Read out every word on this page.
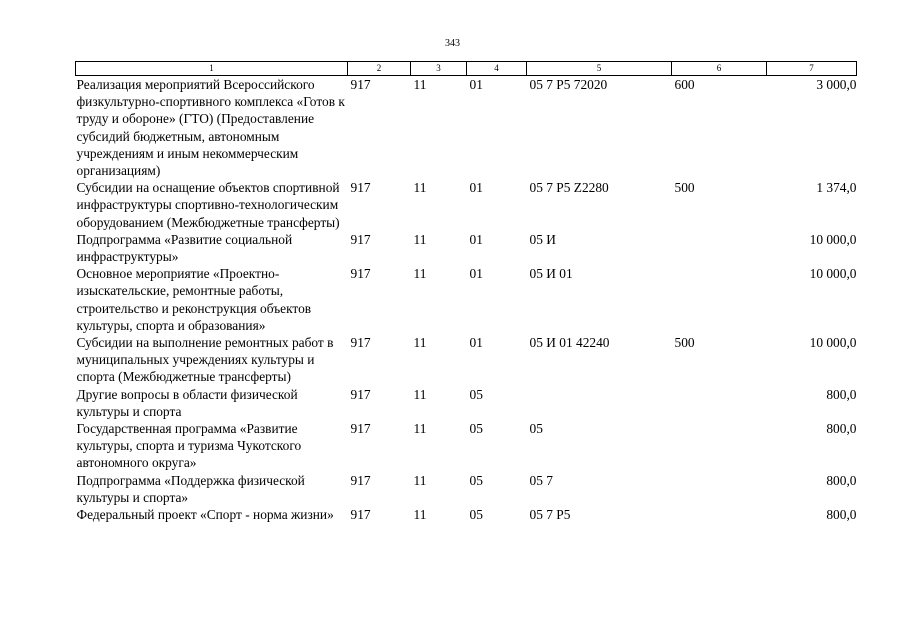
343
1	2	3	4	5	6	7
Реализация мероприятий Всероссийского физкультурно-спортивного комплекса «Готов к труду и обороне» (ГТО) (Предоставление субсидий бюджетным, автономным учреждениям и иным некоммерческим организациям)	917	11	01	05 7 Р5 72020	600	3 000,0
Субсидии на оснащение объектов спортивной инфраструктуры спортивно-технологическим оборудованием (Межбюджетные трансферты)	917	11	01	05 7 Р5 Z2280	500	1 374,0
Подпрограмма «Развитие социальной инфраструктуры»	917	11	01	05 И		10 000,0
Основное мероприятие «Проектно-изыскательские, ремонтные работы, строительство и реконструкция объектов культуры, спорта и образования»	917	11	01	05 И 01		10 000,0
Субсидии на выполнение ремонтных работ в муниципальных учреждениях культуры и спорта (Межбюджетные трансферты)	917	11	01	05 И 01 42240	500	10 000,0
Другие вопросы в области физической культуры и спорта	917	11	05			800,0
Государственная программа «Развитие культуры, спорта и туризма Чукотского автономного округа»	917	11	05	05		800,0
Подпрограмма «Поддержка физической культуры и спорта»	917	11	05	05 7		800,0
Федеральный проект «Спорт - норма жизни»	917	11	05	05 7 Р5		800,0
